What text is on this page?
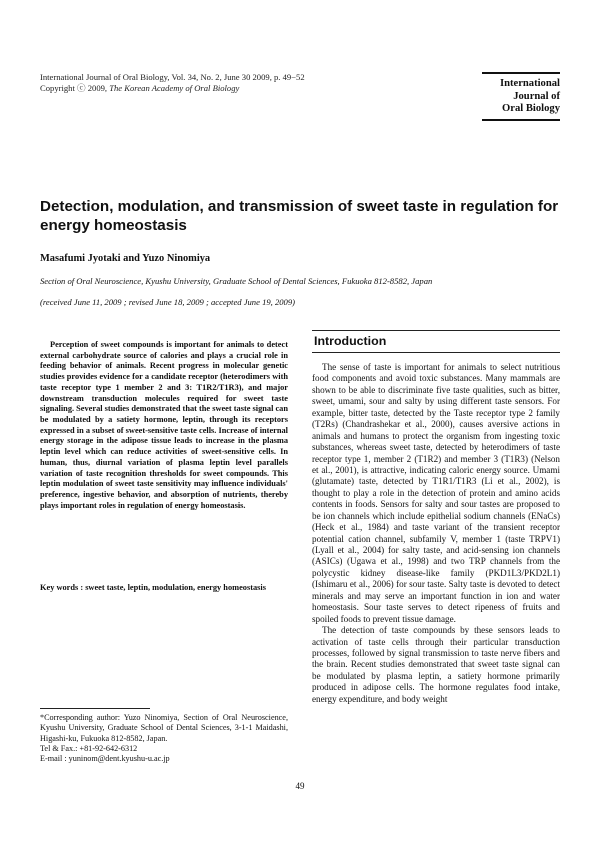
International Journal of Oral Biology, Vol. 34, No. 2, June 30 2009, p. 49−52
Copyright ⓒ 2009, The Korean Academy of Oral Biology	International
Journal of
Oral Biology
Detection, modulation, and transmission of sweet taste in regulation for energy homeostasis
Masafumi Jyotaki and Yuzo Ninomiya
Section of Oral Neuroscience, Kyushu University, Graduate School of Dental Sciences, Fukuoka 812-8582, Japan
(received June 11, 2009 ; revised June 18, 2009 ; accepted June 19, 2009)

Perception of sweet compounds is important for animals to detect external carbohydrate source of calories and plays a crucial role in feeding behavior of animals. Recent progress in molecular genetic studies provides evidence for a candidate receptor (heterodimers with taste receptor type 1 member 2 and 3: T1R2/T1R3), and major downstream transduction molecules required for sweet taste signaling. Several studies demonstrated that the sweet taste signal can be modulated by a satiety hormone, leptin, through its receptors expressed in a subset of sweet-sensitive taste cells. Increase of internal energy storage in the adipose tissue leads to increase in the plasma leptin level which can reduce activities of sweet-sensitive cells. In human, thus, diurnal variation of plasma leptin level parallels variation of taste recognition thresholds for sweet compounds. This leptin modulation of sweet taste sensitivity may influence individuals' preference, ingestive behavior, and absorption of nutrients, thereby plays important roles in regulation of energy homeostasis.

Key words : sweet taste, leptin, modulation, energy homeostasis

*Corresponding author: Yuzo Ninomiya, Section of Oral Neuroscience, Kyushu University, Graduate School of Dental Sciences, 3-1-1 Maidashi, Higashi-ku, Fukuoka 812-8582, Japan.
Tel & Fax.: +81-92-642-6312
E-mail : yuninom@dent.kyushu-u.ac.jp

Introduction

The sense of taste is important for animals to select nutritious food components and avoid toxic substances. Many mammals are shown to be able to discriminate five taste qualities, such as bitter, sweet, umami, sour and salty by using different taste sensors. For example, bitter taste, detected by the Taste receptor type 2 family (T2Rs) (Chandrashekar et al., 2000), causes aversive actions in animals and humans to protect the organism from ingesting toxic substances, whereas sweet taste, detected by heterodimers of taste receptor type 1, member 2 (T1R2) and member 3 (T1R3) (Nelson et al., 2001), is attractive, indicating caloric energy source. Umami (glutamate) taste, detected by T1R1/T1R3 (Li et al., 2002), is thought to play a role in the detection of protein and amino acids contents in foods. Sensors for salty and sour tastes are proposed to be ion channels which include epithelial sodium channels (ENaCs) (Heck et al., 1984) and taste variant of the transient receptor potential cation channel, subfamily V, member 1 (taste TRPV1) (Lyall et al., 2004) for salty taste, and acid-sensing ion channels (ASICs) (Ugawa et al., 1998) and two TRP channels from the polycystic kidney disease-like family (PKD1L3/PKD2L1) (Ishimaru et al., 2006) for sour taste. Salty taste is devoted to detect minerals and may serve an important function in ion and water homeostasis. Sour taste serves to detect ripeness of fruits and spoiled foods to prevent tissue damage.

The detection of taste compounds by these sensors leads to activation of taste cells through their particular transduction processes, followed by signal transmission to taste nerve fibers and the brain. Recent studies demonstrated that sweet taste signal can be modulated by plasma leptin, a satiety hormone primarily produced in adipose cells. The hormone regulates food intake, energy expenditure, and body weight

49
